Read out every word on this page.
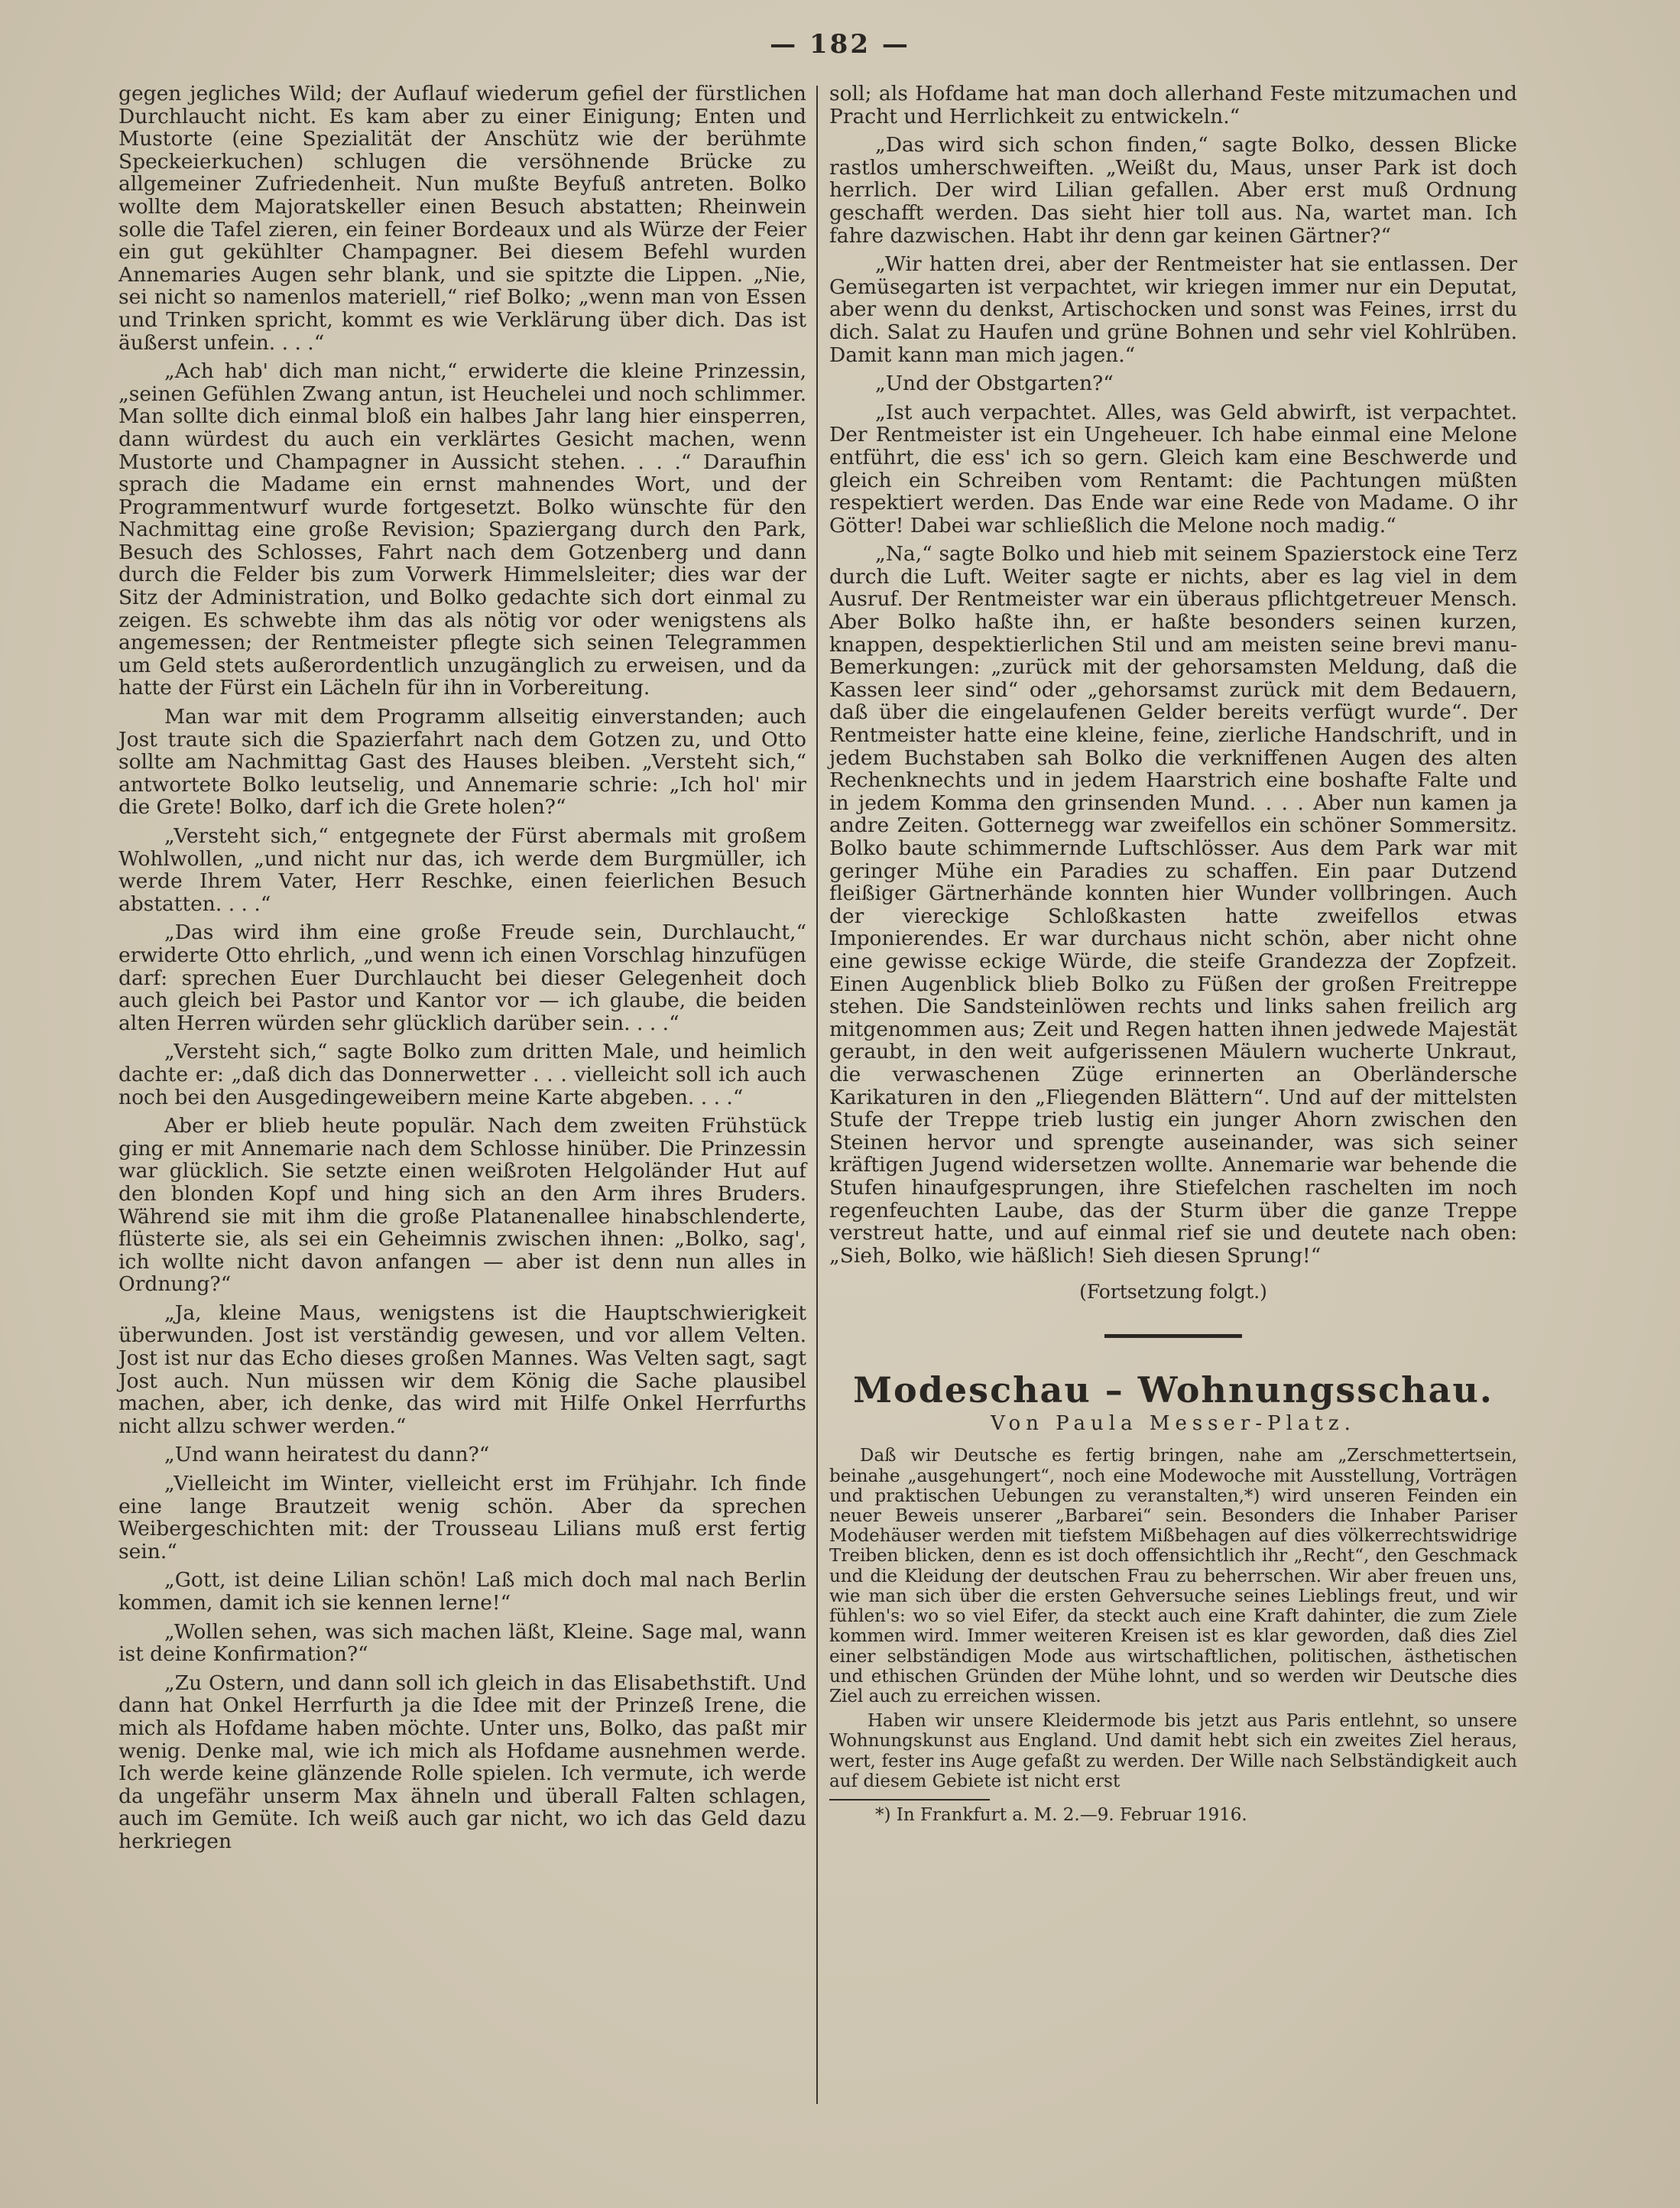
— 182 —

gegen jegliches Wild; der Auflauf wiederum gefiel der fürstlichen Durchlaucht nicht. Es kam aber zu einer Einigung; Enten und Mustorte (eine Spezialität der Anschütz wie der berühmte Speckeierkuchen) schlugen die versöhnende Brücke zu allgemeiner Zufriedenheit. Nun mußte Beyfuß antreten. Bolko wollte dem Majoratskeller einen Besuch abstatten; Rheinwein solle die Tafel zieren, ein feiner Bordeaux und als Würze der Feier ein gut gekühlter Champagner. Bei diesem Befehl wurden Annemaries Augen sehr blank, und sie spitzte die Lippen. „Nie, sei nicht so namenlos materiell,“ rief Bolko; „wenn man von Essen und Trinken spricht, kommt es wie Verklärung über dich. Das ist äußerst unfein. . . .“

„Ach hab' dich man nicht,“ erwiderte die kleine Prinzessin, „seinen Gefühlen Zwang antun, ist Heuchelei und noch schlimmer. Man sollte dich einmal bloß ein halbes Jahr lang hier einsperren, dann würdest du auch ein verklärtes Gesicht machen, wenn Mustorte und Champagner in Aussicht stehen. . . .“ Daraufhin sprach die Madame ein ernst mahnendes Wort, und der Programmentwurf wurde fortgesetzt. Bolko wünschte für den Nachmittag eine große Revision; Spaziergang durch den Park, Besuch des Schlosses, Fahrt nach dem Gotzenberg und dann durch die Felder bis zum Vorwerk Himmelsleiter; dies war der Sitz der Administration, und Bolko gedachte sich dort einmal zu zeigen. Es schwebte ihm das als nötig vor oder wenigstens als angemessen; der Rentmeister pflegte sich seinen Telegrammen um Geld stets außerordentlich unzugänglich zu erweisen, und da hatte der Fürst ein Lächeln für ihn in Vorbereitung.

Man war mit dem Programm allseitig einverstanden; auch Jost traute sich die Spazierfahrt nach dem Gotzen zu, und Otto sollte am Nachmittag Gast des Hauses bleiben. „Versteht sich,“ antwortete Bolko leutselig, und Annemarie schrie: „Ich hol' mir die Grete! Bolko, darf ich die Grete holen?“

„Versteht sich,“ entgegnete der Fürst abermals mit großem Wohlwollen, „und nicht nur das, ich werde dem Burgmüller, ich werde Ihrem Vater, Herr Reschke, einen feierlichen Besuch abstatten. . . .“

„Das wird ihm eine große Freude sein, Durchlaucht,“ erwiderte Otto ehrlich, „und wenn ich einen Vorschlag hinzufügen darf: sprechen Euer Durchlaucht bei dieser Gelegenheit doch auch gleich bei Pastor und Kantor vor — ich glaube, die beiden alten Herren würden sehr glücklich darüber sein. . . .“

„Versteht sich,“ sagte Bolko zum dritten Male, und heimlich dachte er: „daß dich das Donnerwetter . . . vielleicht soll ich auch noch bei den Ausgedingeweibern meine Karte abgeben. . . .“

Aber er blieb heute populär. Nach dem zweiten Frühstück ging er mit Annemarie nach dem Schlosse hinüber. Die Prinzessin war glücklich. Sie setzte einen weißroten Helgoländer Hut auf den blonden Kopf und hing sich an den Arm ihres Bruders. Während sie mit ihm die große Platanenallee hinabschlenderte, flüsterte sie, als sei ein Geheimnis zwischen ihnen: „Bolko, sag', ich wollte nicht davon anfangen — aber ist denn nun alles in Ordnung?“

„Ja, kleine Maus, wenigstens ist die Hauptschwierigkeit überwunden. Jost ist verständig gewesen, und vor allem Velten. Jost ist nur das Echo dieses großen Mannes. Was Velten sagt, sagt Jost auch. Nun müssen wir dem König die Sache plausibel machen, aber, ich denke, das wird mit Hilfe Onkel Herrfurths nicht allzu schwer werden.“

„Und wann heiratest du dann?“

„Vielleicht im Winter, vielleicht erst im Frühjahr. Ich finde eine lange Brautzeit wenig schön. Aber da sprechen Weibergeschichten mit: der Trousseau Lilians muß erst fertig sein.“

„Gott, ist deine Lilian schön! Laß mich doch mal nach Berlin kommen, damit ich sie kennen lerne!“

„Wollen sehen, was sich machen läßt, Kleine. Sage mal, wann ist deine Konfirmation?“

„Zu Ostern, und dann soll ich gleich in das Elisabethstift. Und dann hat Onkel Herrfurth ja die Idee mit der Prinzeß Irene, die mich als Hofdame haben möchte. Unter uns, Bolko, das paßt mir wenig. Denke mal, wie ich mich als Hofdame ausnehmen werde. Ich werde keine glänzende Rolle spielen. Ich vermute, ich werde da ungefähr unserm Max ähneln und überall Falten schlagen, auch im Gemüte. Ich weiß auch gar nicht, wo ich das Geld dazu herkriegen

soll; als Hofdame hat man doch allerhand Feste mitzumachen und Pracht und Herrlichkeit zu entwickeln.“

„Das wird sich schon finden,“ sagte Bolko, dessen Blicke rastlos umherschweiften. „Weißt du, Maus, unser Park ist doch herrlich. Der wird Lilian gefallen. Aber erst muß Ordnung geschafft werden. Das sieht hier toll aus. Na, wartet man. Ich fahre dazwischen. Habt ihr denn gar keinen Gärtner?“

„Wir hatten drei, aber der Rentmeister hat sie entlassen. Der Gemüsegarten ist verpachtet, wir kriegen immer nur ein Deputat, aber wenn du denkst, Artischocken und sonst was Feines, irrst du dich. Salat zu Haufen und grüne Bohnen und sehr viel Kohlrüben. Damit kann man mich jagen.“

„Und der Obstgarten?“

„Ist auch verpachtet. Alles, was Geld abwirft, ist verpachtet. Der Rentmeister ist ein Ungeheuer. Ich habe einmal eine Melone entführt, die ess' ich so gern. Gleich kam eine Beschwerde und gleich ein Schreiben vom Rentamt: die Pachtungen müßten respektiert werden. Das Ende war eine Rede von Madame. O ihr Götter! Dabei war schließlich die Melone noch madig.“

„Na,“ sagte Bolko und hieb mit seinem Spazierstock eine Terz durch die Luft. Weiter sagte er nichts, aber es lag viel in dem Ausruf. Der Rentmeister war ein überaus pflichtgetreuer Mensch. Aber Bolko haßte ihn, er haßte besonders seinen kurzen, knappen, despektierlichen Stil und am meisten seine brevi manu-Bemerkungen: „zurück mit der gehorsamsten Meldung, daß die Kassen leer sind“ oder „gehorsamst zurück mit dem Bedauern, daß über die eingelaufenen Gelder bereits verfügt wurde“. Der Rentmeister hatte eine kleine, feine, zierliche Handschrift, und in jedem Buchstaben sah Bolko die verkniffenen Augen des alten Rechenknechts und in jedem Haarstrich eine boshafte Falte und in jedem Komma den grinsenden Mund. . . . Aber nun kamen ja andre Zeiten. Gotternegg war zweifellos ein schöner Sommersitz. Bolko baute schimmernde Luftschlösser. Aus dem Park war mit geringer Mühe ein Paradies zu schaffen. Ein paar Dutzend fleißiger Gärtnerhände konnten hier Wunder vollbringen. Auch der viereckige Schloßkasten hatte zweifellos etwas Imponierendes. Er war durchaus nicht schön, aber nicht ohne eine gewisse eckige Würde, die steife Grandezza der Zopfzeit. Einen Augenblick blieb Bolko zu Füßen der großen Freitreppe stehen. Die Sandsteinlöwen rechts und links sahen freilich arg mitgenommen aus; Zeit und Regen hatten ihnen jedwede Majestät geraubt, in den weit aufgerissenen Mäulern wucherte Unkraut, die verwaschenen Züge erinnerten an Oberländersche Karikaturen in den „Fliegenden Blättern“. Und auf der mittelsten Stufe der Treppe trieb lustig ein junger Ahorn zwischen den Steinen hervor und sprengte auseinander, was sich seiner kräftigen Jugend widersetzen wollte. Annemarie war behende die Stufen hinaufgesprungen, ihre Stiefelchen raschelten im noch regenfeuchten Laube, das der Sturm über die ganze Treppe verstreut hatte, und auf einmal rief sie und deutete nach oben: „Sieh, Bolko, wie häßlich! Sieh diesen Sprung!“

(Fortsetzung folgt.)

Modeschau – Wohnungsschau.
Von Paula Messer-Platz.

Daß wir Deutsche es fertig bringen, nahe am „Zerschmettertsein, beinahe „ausgehungert“, noch eine Modewoche mit Ausstellung, Vorträgen und praktischen Uebungen zu veranstalten,*) wird unseren Feinden ein neuer Beweis unserer „Barbarei“ sein. Besonders die Inhaber Pariser Modehäuser werden mit tiefstem Mißbehagen auf dies völkerrechtswidrige Treiben blicken, denn es ist doch offensichtlich ihr „Recht“, den Geschmack und die Kleidung der deutschen Frau zu beherrschen. Wir aber freuen uns, wie man sich über die ersten Gehversuche seines Lieblings freut, und wir fühlen's: wo so viel Eifer, da steckt auch eine Kraft dahinter, die zum Ziele kommen wird. Immer weiteren Kreisen ist es klar geworden, daß dies Ziel einer selbständigen Mode aus wirtschaftlichen, politischen, ästhetischen und ethischen Gründen der Mühe lohnt, und so werden wir Deutsche dies Ziel auch zu erreichen wissen.

Haben wir unsere Kleidermode bis jetzt aus Paris entlehnt, so unsere Wohnungskunst aus England. Und damit hebt sich ein zweites Ziel heraus, wert, fester ins Auge gefaßt zu werden. Der Wille nach Selbständigkeit auch auf diesem Gebiete ist nicht erst

*) In Frankfurt a. M. 2.—9. Februar 1916.
